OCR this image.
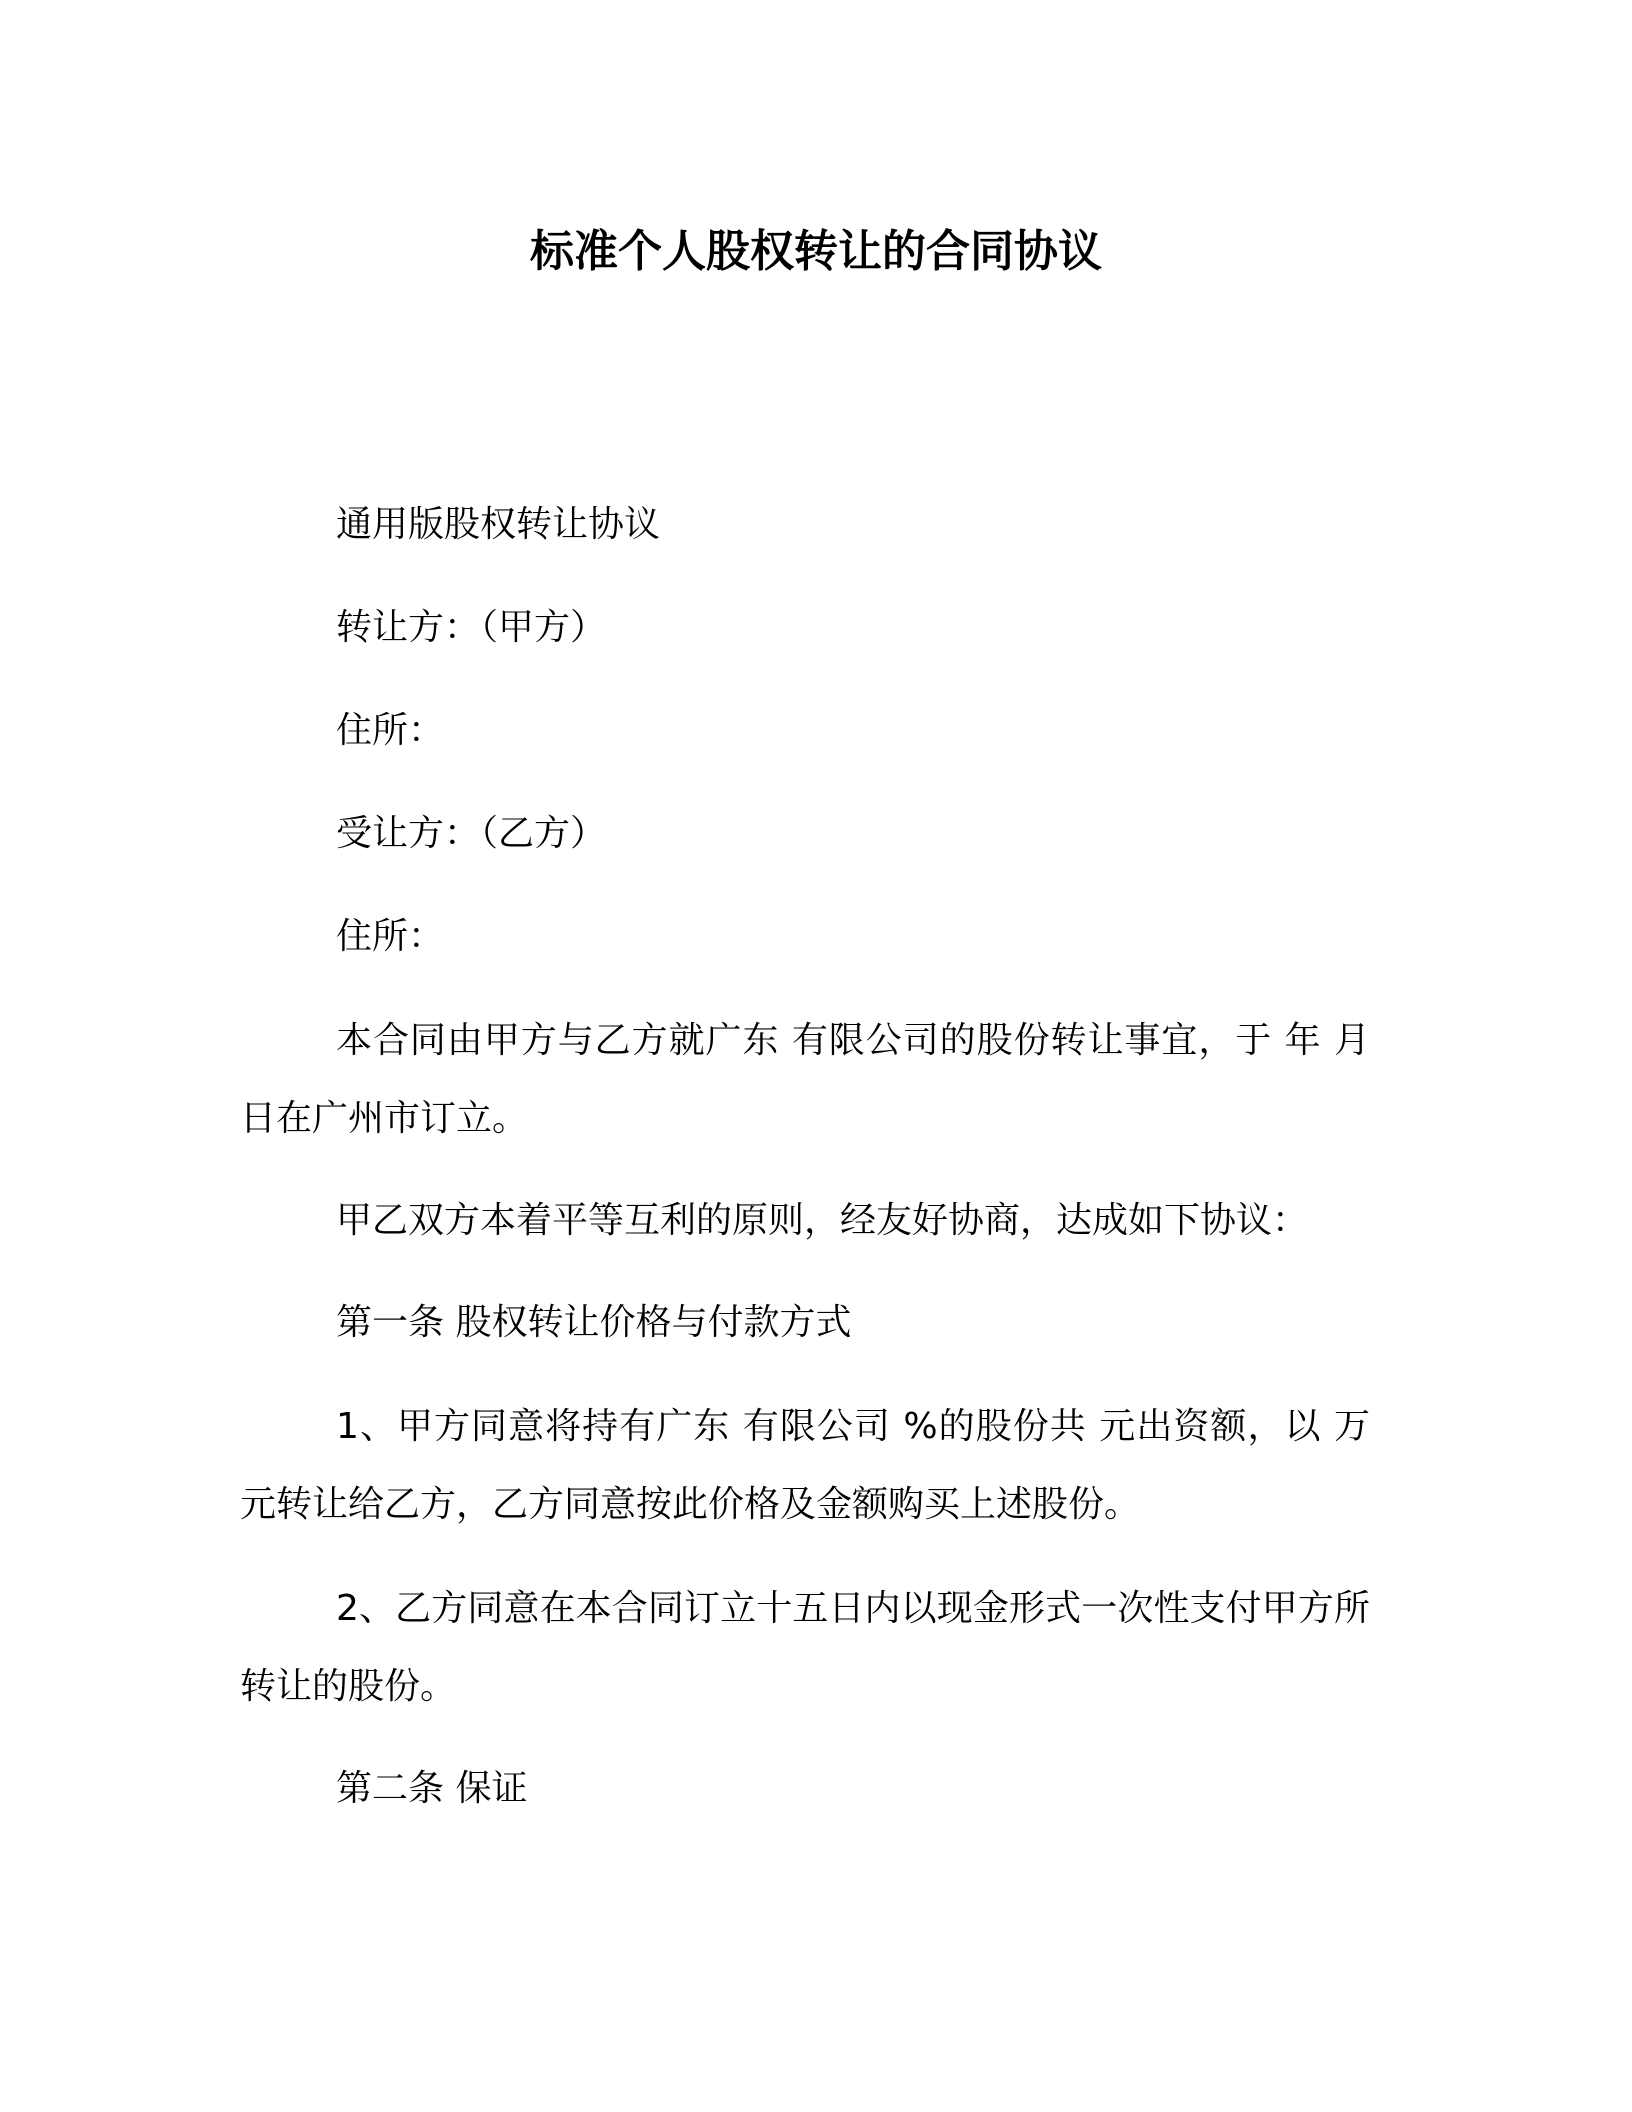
标准个人股权转让的合同协议
通用版股权转让协议
转让方：（甲方）
住所：
受让方：（乙方）
住所：
本合同由甲方与乙方就广东 有限公司的股份转让事宜，于 年 月 日在广州市订立。
甲乙双方本着平等互利的原则，经友好协商，达成如下协议：
第一条 股权转让价格与付款方式
1、甲方同意将持有广东 有限公司 %的股份共 元出资额，以 万元转让给乙方，乙方同意按此价格及金额购买上述股份。
2、乙方同意在本合同订立十五日内以现金形式一次性支付甲方所转让的股份。
第二条 保证
